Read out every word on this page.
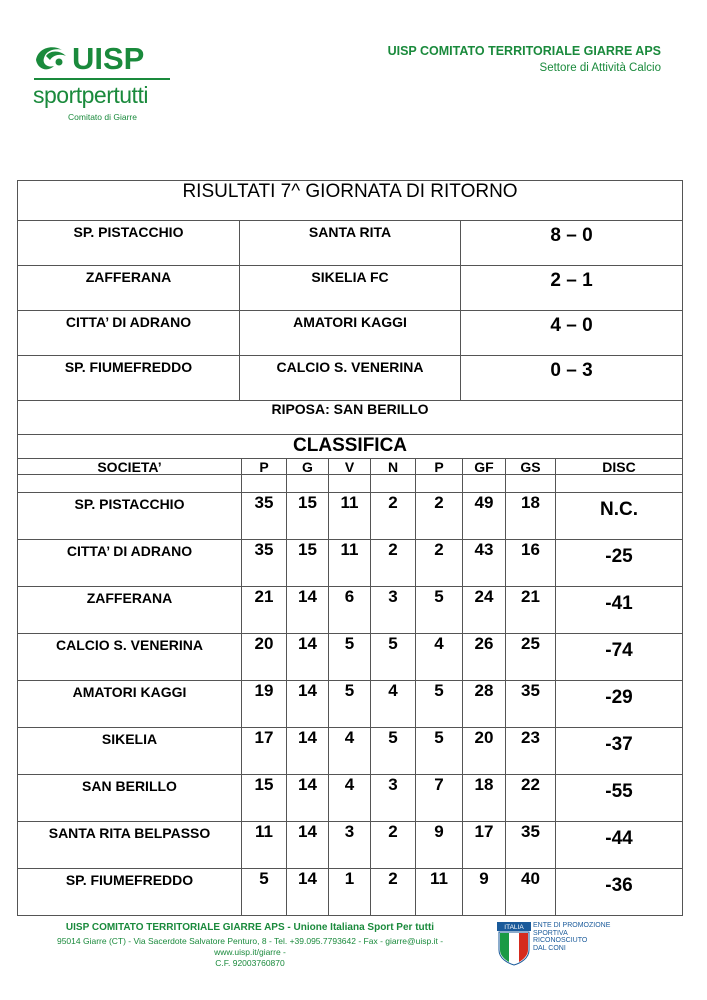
UISP
sportpertutti
Comitato di Giarre
UISP COMITATO TERRITORIALE GIARRE APS
Settore di Attività Calcio
RISULTATI 7^ GIORNATA DI RITORNO		
SP. PISTACCHIO	SANTA RITA	8 – 0
ZAFFERANA	SIKELIA FC	2 – 1
CITTA’ DI ADRANO	AMATORI KAGGI	4 – 0
SP. FIUMEFREDDO	CALCIO S. VENERINA	0 – 3
RIPOSA: SAN BERILLO		
CLASSIFICA		
SOCIETA’	P	G	V	N	P	GF	GS	DISC
SP. PISTACCHIO	35	15	11	2	2	49	18	N.C.
CITTA’ DI ADRANO	35	15	11	2	2	43	16	-25
ZAFFERANA	21	14	6	3	5	24	21	-41
CALCIO S. VENERINA	20	14	5	5	4	26	25	-74
AMATORI KAGGI	19	14	5	4	5	28	35	-29
SIKELIA	17	14	4	5	5	20	23	-37
SAN BERILLO	15	14	4	3	7	18	22	-55
SANTA RITA BELPASSO	11	14	3	2	9	17	35	-44
SP. FIUMEFREDDO	5	14	1	2	11	9	40	-36
UISP COMITATO TERRITORIALE GIARRE APS - Unione Italiana Sport Per tutti
95014 Giarre (CT) - Via Sacerdote Salvatore Penturo, 8 - Tel. +39.095.7793642 - Fax - giarre@uisp.it - www.uisp.it/giarre -
C.F. 92003760870
ITALIA ENTE DI PROMOZIONE
SPORTIVA
RICONOSCIUTO
DAL CONI
